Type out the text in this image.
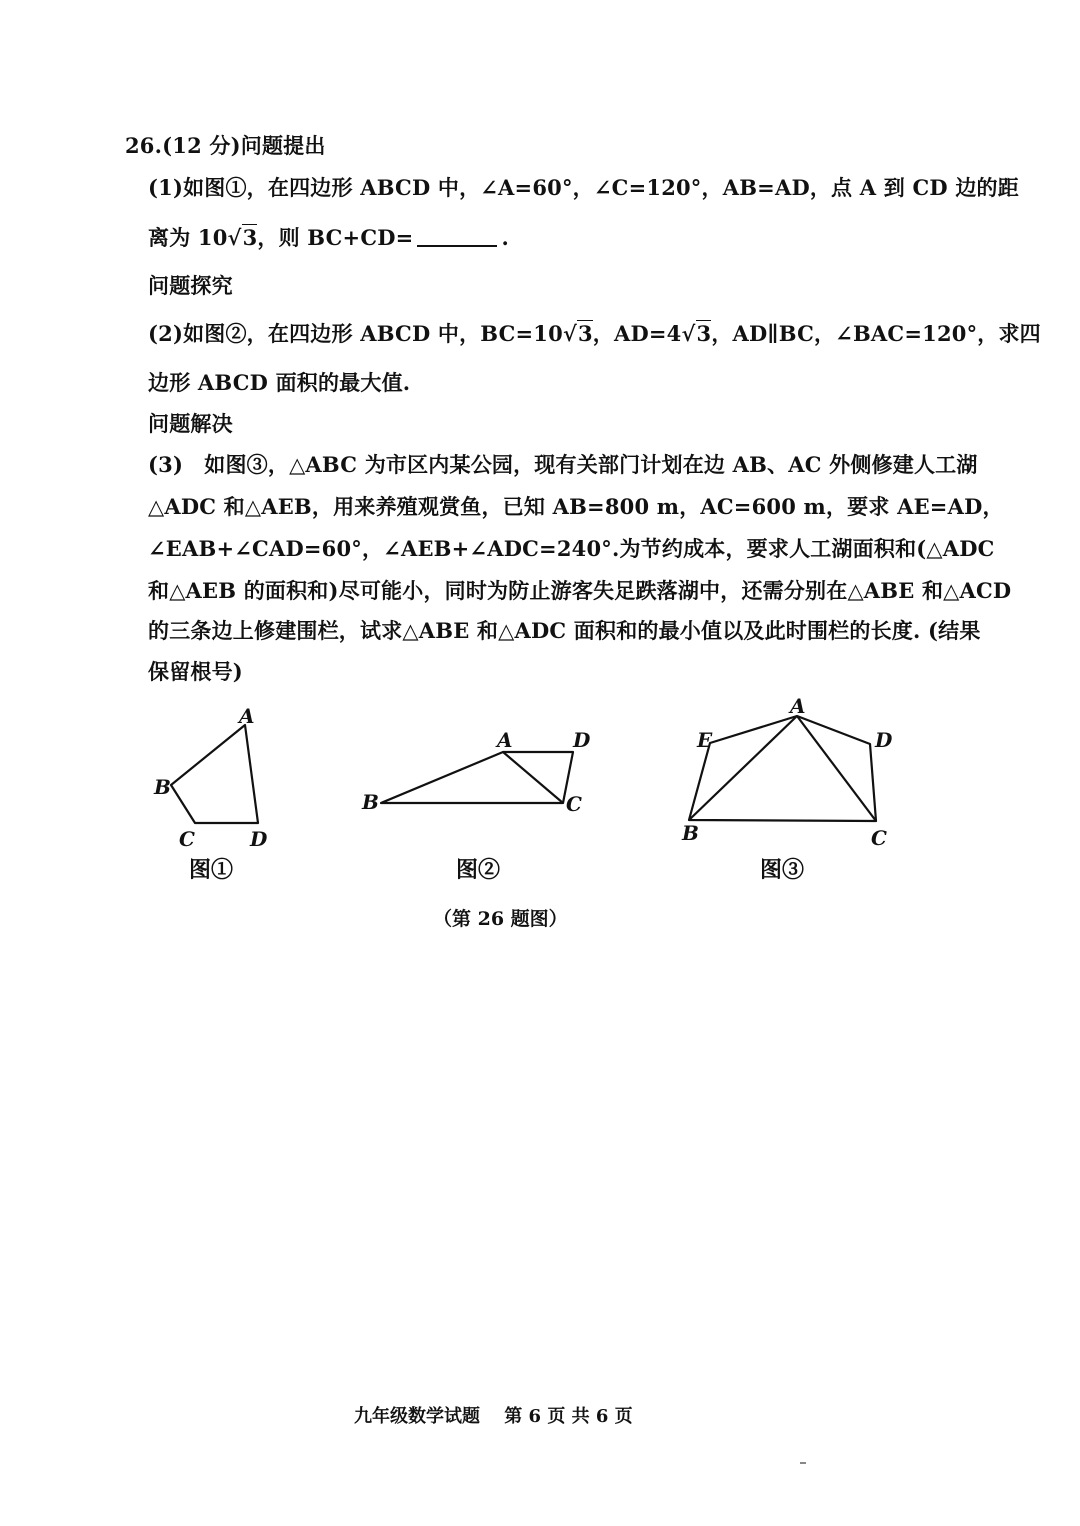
26.(12 分)问题提出
(1)如图①，在四边形 ABCD 中，∠A=60°，∠C=120°，AB=AD，点 A 到 CD 边的距
离为 10√3，则 BC+CD=	.
问题探究
(2)如图②，在四边形 ABCD 中，BC=10√3，AD=4√3，AD∥BC，∠BAC=120°，求四
边形 ABCD 面积的最大值.
问题解决
(3)　如图③，△ABC 为市区内某公园，现有关部门计划在边 AB、AC 外侧修建人工湖
△ADC 和△AEB，用来养殖观赏鱼，已知 AB=800 m，AC=600 m，要求 AE=AD，
∠EAB+∠CAD=60°，∠AEB+∠ADC=240°.为节约成本，要求人工湖面积和(△ADC
和△AEB 的面积和)尽可能小，同时为防止游客失足跌落湖中，还需分别在△ABE 和△ACD
的三条边上修建围栏，试求△ABE 和△ADC 面积和的最小值以及此时围栏的长度. (结果
保留根号)
A
B
C	D
A
B	C
D
A
B	C
D
E
图①	图②	图③
（第 26 题图）
九年级数学试题　 第 6 页 共 6 页
